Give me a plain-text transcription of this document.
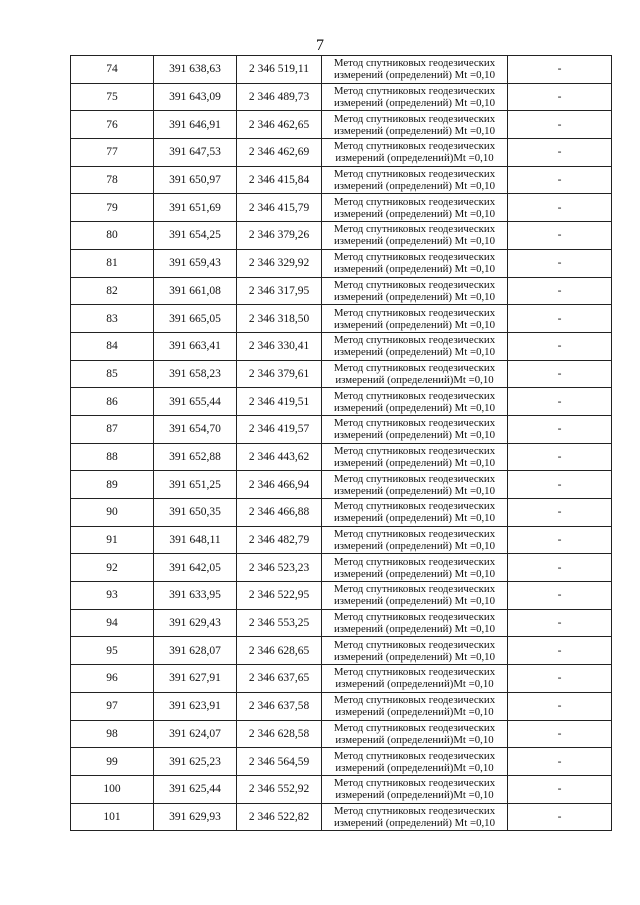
7
74	391 638,63	2 346 519,11	Метод спутниковых геодезических
измерений (определений) Mt =0,10	-
75	391 643,09	2 346 489,73	Метод спутниковых геодезических
измерений (определений) Mt =0,10	-
76	391 646,91	2 346 462,65	Метод спутниковых геодезических
измерений (определений) Mt =0,10	-
77	391 647,53	2 346 462,69	Метод спутниковых геодезических
измерений (определений)Mt =0,10	-
78	391 650,97	2 346 415,84	Метод спутниковых геодезических
измерений (определений) Mt =0,10	-
79	391 651,69	2 346 415,79	Метод спутниковых геодезических
измерений (определений) Mt =0,10	-
80	391 654,25	2 346 379,26	Метод спутниковых геодезических
измерений (определений) Mt =0,10	-
81	391 659,43	2 346 329,92	Метод спутниковых геодезических
измерений (определений) Mt =0,10	-
82	391 661,08	2 346 317,95	Метод спутниковых геодезических
измерений (определений) Mt =0,10	-
83	391 665,05	2 346 318,50	Метод спутниковых геодезических
измерений (определений) Mt =0,10	-
84	391 663,41	2 346 330,41	Метод спутниковых геодезических
измерений (определений) Mt =0,10	-
85	391 658,23	2 346 379,61	Метод спутниковых геодезических
измерений (определений)Mt =0,10	-
86	391 655,44	2 346 419,51	Метод спутниковых геодезических
измерений (определений) Mt =0,10	-
87	391 654,70	2 346 419,57	Метод спутниковых геодезических
измерений (определений) Mt =0,10	-
88	391 652,88	2 346 443,62	Метод спутниковых геодезических
измерений (определений) Mt =0,10	-
89	391 651,25	2 346 466,94	Метод спутниковых геодезических
измерений (определений) Mt =0,10	-
90	391 650,35	2 346 466,88	Метод спутниковых геодезических
измерений (определений) Mt =0,10	-
91	391 648,11	2 346 482,79	Метод спутниковых геодезических
измерений (определений) Mt =0,10	-
92	391 642,05	2 346 523,23	Метод спутниковых геодезических
измерений (определений) Mt =0,10	-
93	391 633,95	2 346 522,95	Метод спутниковых геодезических
измерений (определений) Mt =0,10	-
94	391 629,43	2 346 553,25	Метод спутниковых геодезических
измерений (определений) Mt =0,10	-
95	391 628,07	2 346 628,65	Метод спутниковых геодезических
измерений (определений) Mt =0,10	-
96	391 627,91	2 346 637,65	Метод спутниковых геодезических
измерений (определений)Mt =0,10	-
97	391 623,91	2 346 637,58	Метод спутниковых геодезических
измерений (определений)Mt =0,10	-
98	391 624,07	2 346 628,58	Метод спутниковых геодезических
измерений (определений)Mt =0,10	-
99	391 625,23	2 346 564,59	Метод спутниковых геодезических
измерений (определений)Mt =0,10	-
100	391 625,44	2 346 552,92	Метод спутниковых геодезических
измерений (определений)Mt =0,10	-
101	391 629,93	2 346 522,82	Метод спутниковых геодезических
измерений (определений) Mt =0,10	-
